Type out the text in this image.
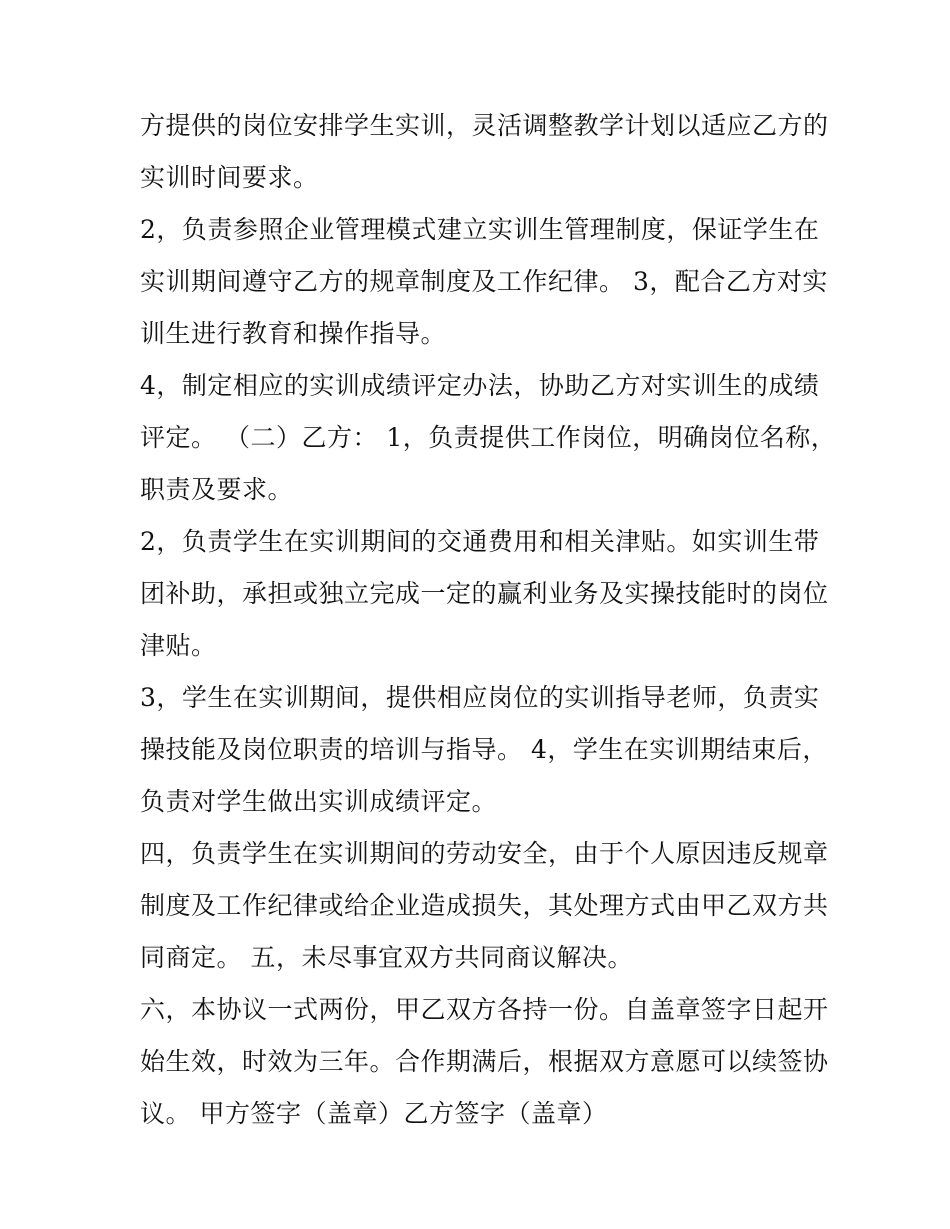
方提供的岗位安排学生实训，灵活调整教学计划以适应乙方的
实训时间要求。
2，负责参照企业管理模式建立实训生管理制度，保证学生在
实训期间遵守乙方的规章制度及工作纪律。 3，配合乙方对实
训生进行教育和操作指导。
4，制定相应的实训成绩评定办法，协助乙方对实训生的成绩
评定。 （二）乙方： 1，负责提供工作岗位，明确岗位名称，
职责及要求。
2，负责学生在实训期间的交通费用和相关津贴。如实训生带
团补助，承担或独立完成一定的赢利业务及实操技能时的岗位
津贴。
3，学生在实训期间，提供相应岗位的实训指导老师，负责实
操技能及岗位职责的培训与指导。 4，学生在实训期结束后，
负责对学生做出实训成绩评定。
四，负责学生在实训期间的劳动安全，由于个人原因违反规章
制度及工作纪律或给企业造成损失，其处理方式由甲乙双方共
同商定。 五，未尽事宜双方共同商议解决。
六，本协议一式两份，甲乙双方各持一份。自盖章签字日起开
始生效，时效为三年。合作期满后，根据双方意愿可以续签协
议。 甲方签字（盖章）乙方签字（盖章）
